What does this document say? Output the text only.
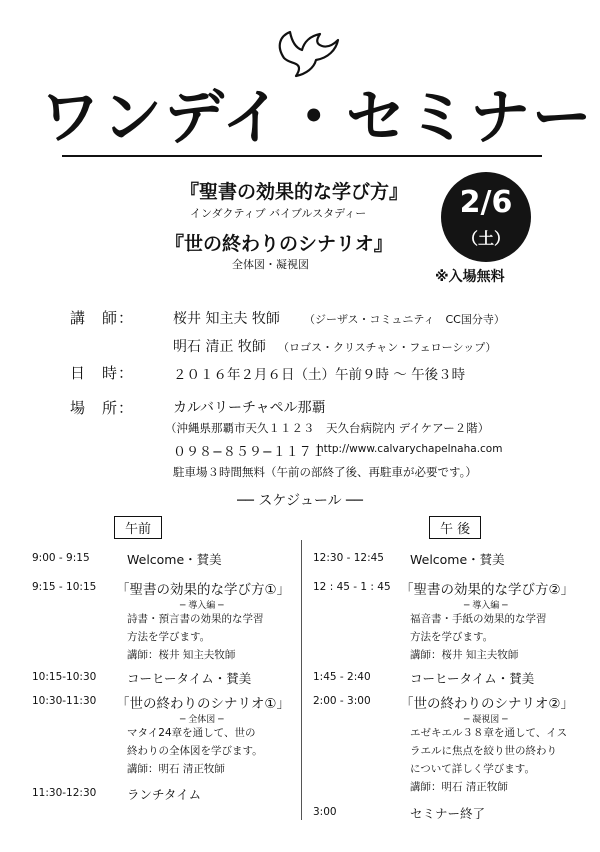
ワンデイ・セミナー
『聖書の効果的な学び方』
インダクティブ バイブルスタディー
『世の終わりのシナリオ』
全体図・凝視図
2/6
（土）
※入場無料
講　師：	桜井 知主夫 牧師 （ジーザス・コミュニティ　CC国分寺）
明石 清正 牧師 （ロゴス・クリスチャン・フェローシップ）
日　時：	２０１６年２月６日（土）午前９時 ～ 午後３時
場　所：	カルバリーチャペル那覇
（沖縄県那覇市天久１１２３　天久台病院内 デイケアー２階）
０９８−８５９−１１７１
http://www.calvarychapelnaha.com
駐車場３時間無料（午前の部終了後、再駐車が必要です。）
── スケジュール ──
午前	午 後
9:00 - 9:15	Welcome・賛美
9:15 - 10:15 「聖書の効果的な学び方①」
─ 導入編 ─
詩書・預言書の効果的な学習
方法を学びます。
講師：桜井 知主夫牧師
10:15-10:30 コーヒータイム・賛美
10:30-11:30 「世の終わりのシナリオ①」
─ 全体図 ─
マタイ24章を通して、世の
終わりの全体図を学びます。
講師：明石 清正牧師
11:30-12:30 ランチタイム
12:30 - 12:45 Welcome・賛美
12 : 45 - 1 : 45 「聖書の効果的な学び方②」
─ 導入編 ─
福音書・手紙の効果的な学習
方法を学びます。
講師：桜井 知主夫牧師
1:45 - 2:40	コーヒータイム・賛美
2:00 - 3:00 「世の終わりのシナリオ②」
─ 凝視図 ─
エゼキエル３８章を通して、イス
ラエルに焦点を絞り世の終わり
について詳しく学びます。
講師：明石 清正牧師
3:00	セミナー終了
